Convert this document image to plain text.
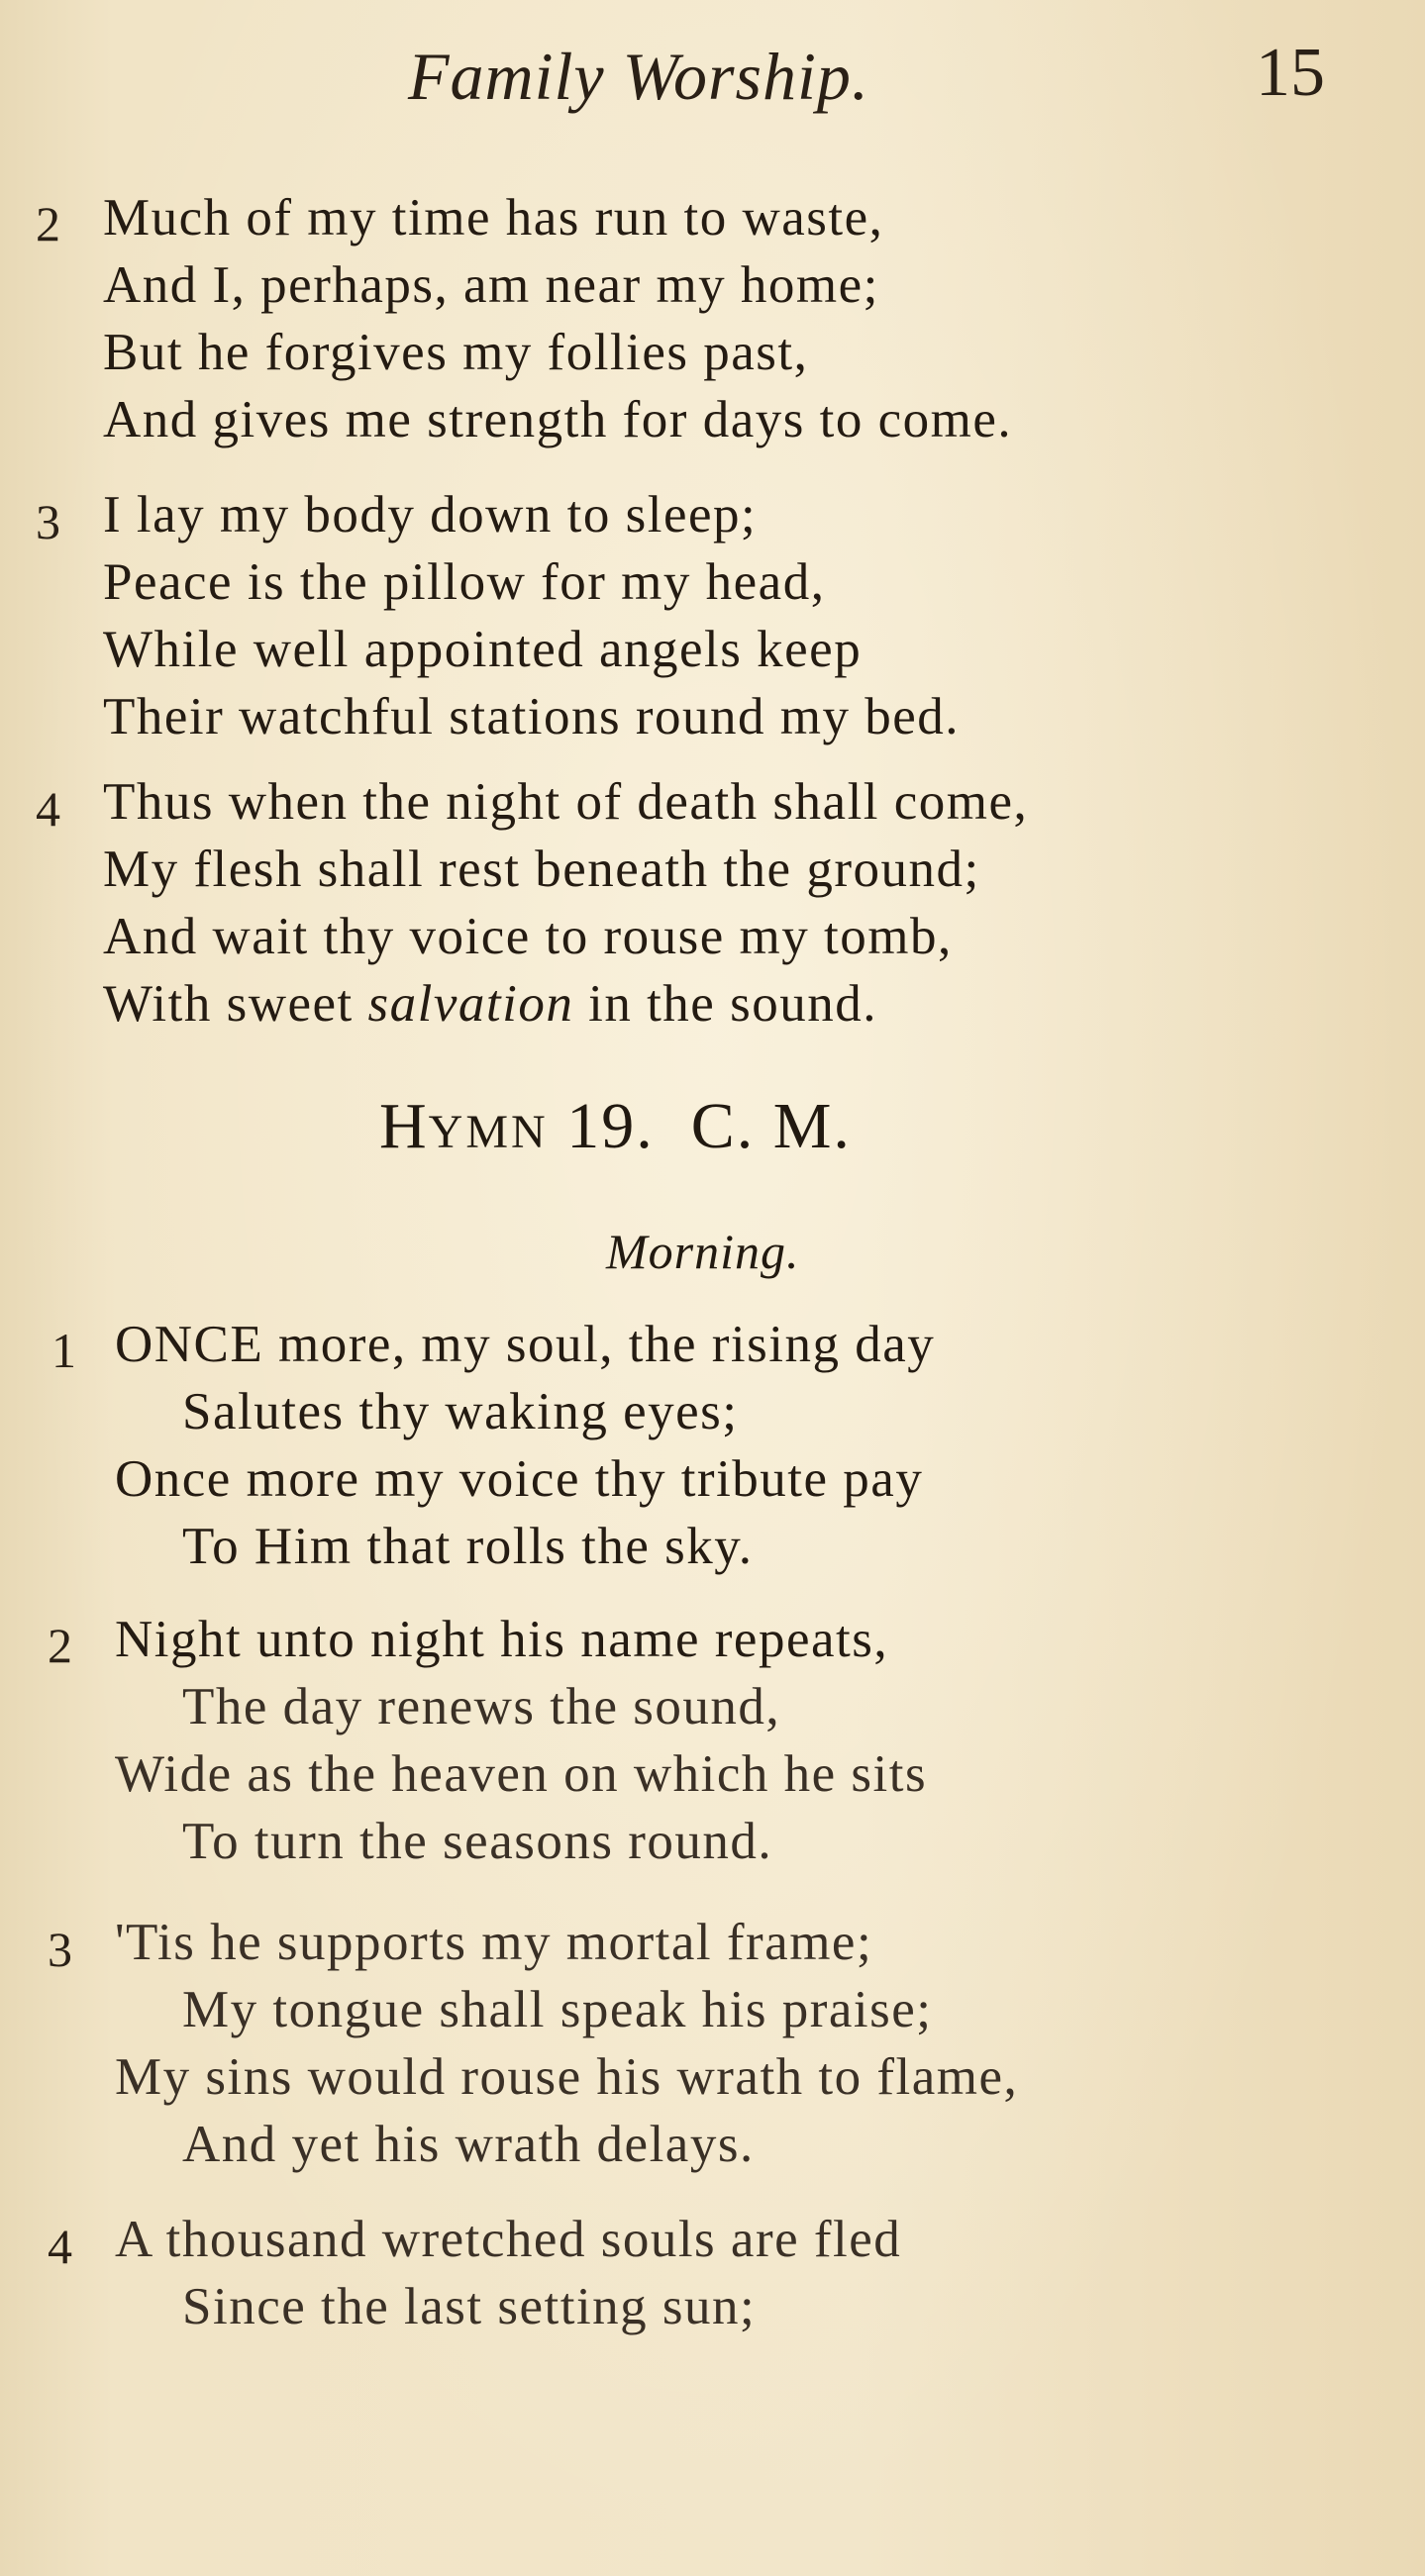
Family Worship.	15
2 Much of my time has run to waste,
And I, perhaps, am near my home;
But he forgives my follies past,
And gives me strength for days to come.
3 I lay my body down to sleep;
Peace is the pillow for my head,
While well appointed angels keep
Their watchful stations round my bed.
4 Thus when the night of death shall come,
My flesh shall rest beneath the ground;
And wait thy voice to rouse my tomb,
With sweet salvation in the sound.
HYMN 19.  C. M.
Morning.
1 ONCE more, my soul, the rising day
Salutes thy waking eyes;
Once more my voice thy tribute pay
To Him that rolls the sky.
2 Night unto night his name repeats,
The day renews the sound,
Wide as the heaven on which he sits
To turn the seasons round.
3 'Tis he supports my mortal frame;
My tongue shall speak his praise;
My sins would rouse his wrath to flame,
And yet his wrath delays.
4 A thousand wretched souls are fled
Since the last setting sun;
